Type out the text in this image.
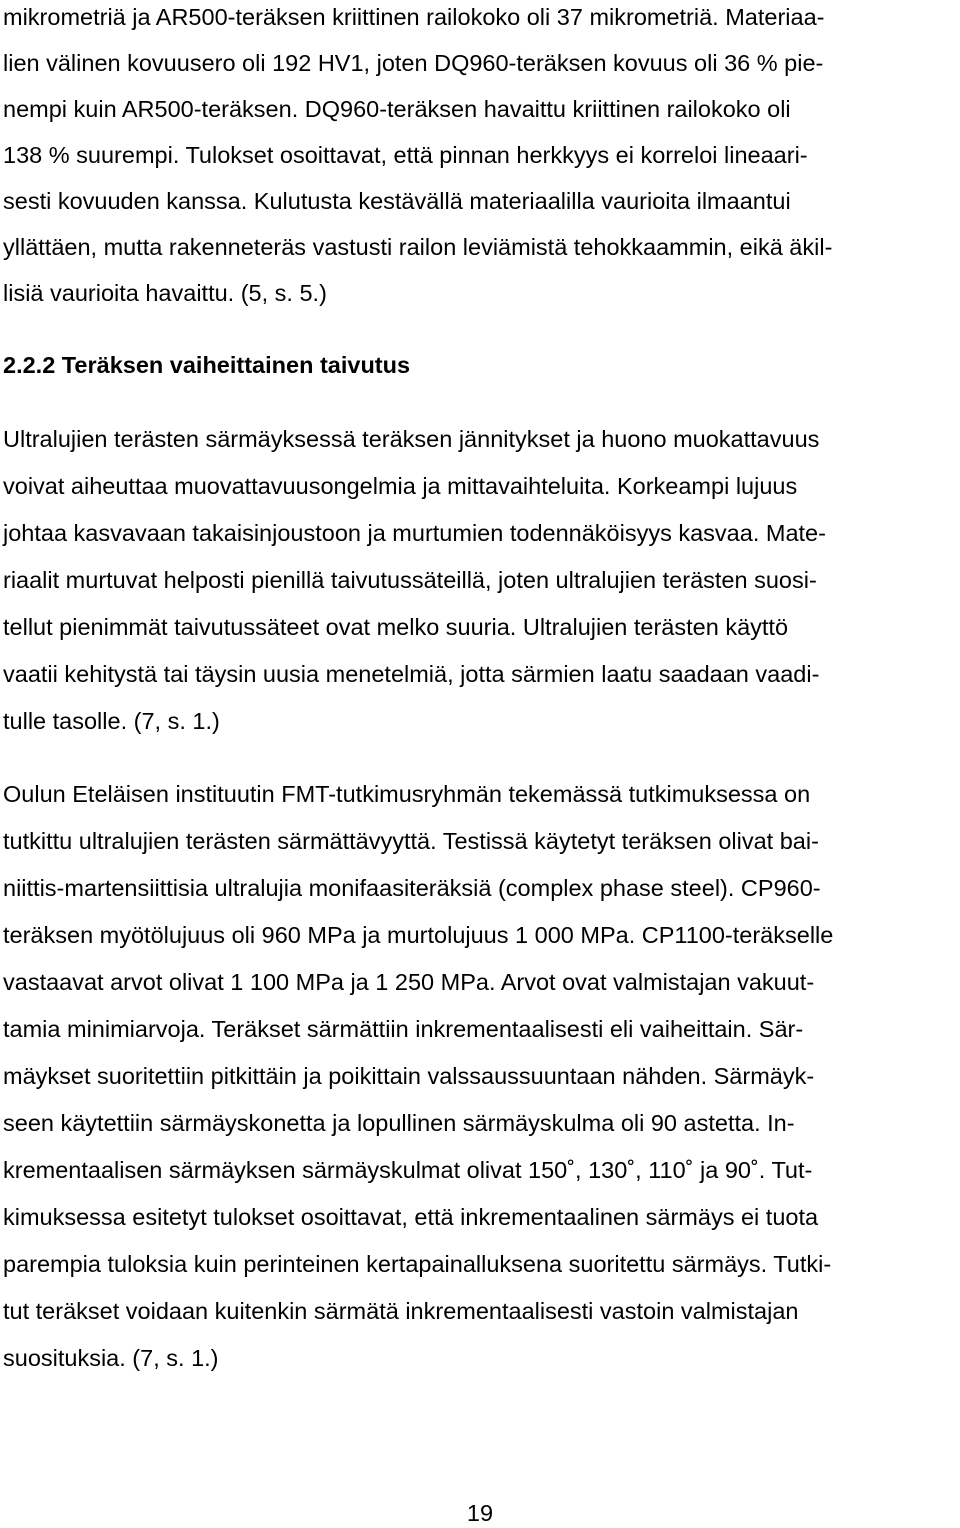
mikrometriä ja AR500-teräksen kriittinen railokoko oli 37 mikrometriä. Materiaa-
lien välinen kovuusero oli 192 HV1, joten DQ960-teräksen kovuus oli 36 % pie-
nempi kuin AR500-teräksen. DQ960-teräksen havaittu kriittinen railokoko oli
138 % suurempi. Tulokset osoittavat, että pinnan herkkyys ei korreloi lineaari-
sesti kovuuden kanssa. Kulutusta kestävällä materiaalilla vaurioita ilmaantui
yllättäen, mutta rakenneteräs vastusti railon leviämistä tehokkaammin, eikä äkil-
lisiä vaurioita havaittu. (5, s. 5.)
2.2.2 Teräksen vaiheittainen taivutus
Ultralujien terästen särmäyksessä teräksen jännitykset ja huono muokattavuus
voivat aiheuttaa muovattavuusongelmia ja mittavaihteluita. Korkeampi lujuus
johtaa kasvavaan takaisinjoustoon ja murtumien todennäköisyys kasvaa. Mate-
riaalit murtuvat helposti pienillä taivutussäteillä, joten ultralujien terästen suosi-
tellut pienimmät taivutussäteet ovat melko suuria. Ultralujien terästen käyttö
vaatii kehitystä tai täysin uusia menetelmiä, jotta särmien laatu saadaan vaadi-
tulle tasolle. (7, s. 1.)
Oulun Eteläisen instituutin FMT-tutkimusryhmän tekemässä tutkimuksessa on
tutkittu ultralujien terästen särmättävyyttä. Testissä käytetyt teräksen olivat bai-
niittis-martensiittisia ultralujia monifaasiteräksiä (complex phase steel). CP960-
teräksen myötölujuus oli 960 MPa ja murtolujuus 1 000 MPa. CP1100-teräkselle
vastaavat arvot olivat 1 100 MPa ja 1 250 MPa. Arvot ovat valmistajan vakuut-
tamia minimiarvoja. Teräkset särmättiin inkrementaalisesti eli vaiheittain. Sär-
mäykset suoritettiin pitkittäin ja poikittain valssaussuuntaan nähden. Särmäyk-
seen käytettiin särmäyskonetta ja lopullinen särmäyskulma oli 90 astetta. In-
krementaalisen särmäyksen särmäyskulmat olivat 150˚, 130˚, 110˚ ja 90˚. Tut-
kimuksessa esitetyt tulokset osoittavat, että inkrementaalinen särmäys ei tuota
parempia tuloksia kuin perinteinen kertapainalluksena suoritettu särmäys. Tutki-
tut teräkset voidaan kuitenkin särmätä inkrementaalisesti vastoin valmistajan
suosituksia. (7, s. 1.)
19
